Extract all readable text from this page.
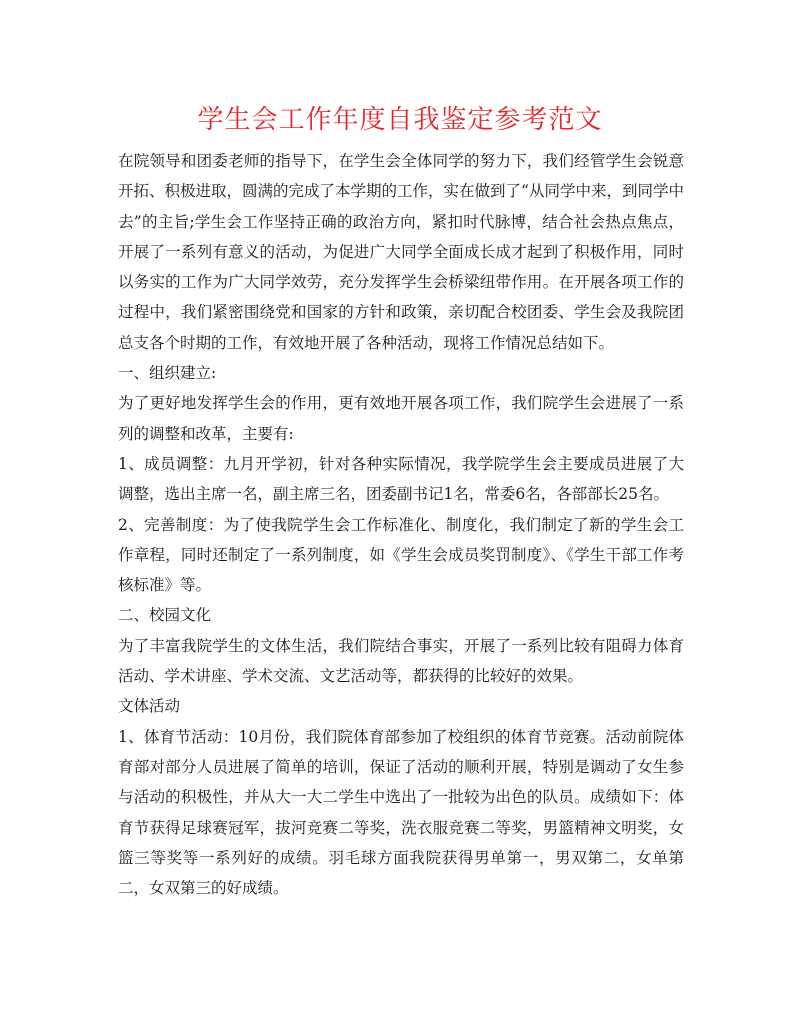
学生会工作年度自我鉴定参考范文

在院领导和团委老师的指导下，在学生会全体同学的努力下，我们经管学生会锐意开拓、积极进取，圆满的完成了本学期的工作，实在做到了“从同学中来，到同学中去”的主旨;学生会工作坚持正确的政治方向，紧扣时代脉博，结合社会热点焦点，开展了一系列有意义的活动，为促进广大同学全面成长成才起到了积极作用，同时以务实的工作为广大同学效劳，充分发挥学生会桥梁纽带作用。在开展各项工作的过程中，我们紧密围绕党和国家的方针和政策，亲切配合校团委、学生会及我院团总支各个时期的工作，有效地开展了各种活动，现将工作情况总结如下。

一、组织建立:

为了更好地发挥学生会的作用，更有效地开展各项工作，我们院学生会进展了一系列的调整和改革，主要有:

1、成员调整：九月开学初，针对各种实际情况，我学院学生会主要成员进展了大调整，选出主席一名，副主席三名，团委副书记1名，常委6名，各部部长25名。

2、完善制度：为了使我院学生会工作标准化、制度化，我们制定了新的学生会工作章程，同时还制定了一系列制度，如《学生会成员奖罚制度》、《学生干部工作考核标准》等。

二、校园文化

为了丰富我院学生的文体生活，我们院结合事实，开展了一系列比较有阻碍力体育活动、学术讲座、学术交流、文艺活动等，都获得的比较好的效果。

文体活动

1、体育节活动：10月份，我们院体育部参加了校组织的体育节竞赛。活动前院体育部对部分人员进展了简单的培训，保证了活动的顺利开展，特别是调动了女生参与活动的积极性，并从大一大二学生中选出了一批较为出色的队员。成绩如下：体育节获得足球赛冠军，拔河竞赛二等奖，洗衣服竞赛二等奖，男篮精神文明奖，女篮三等奖等一系列好的成绩。羽毛球方面我院获得男单第一，男双第二，女单第二，女双第三的好成绩。
